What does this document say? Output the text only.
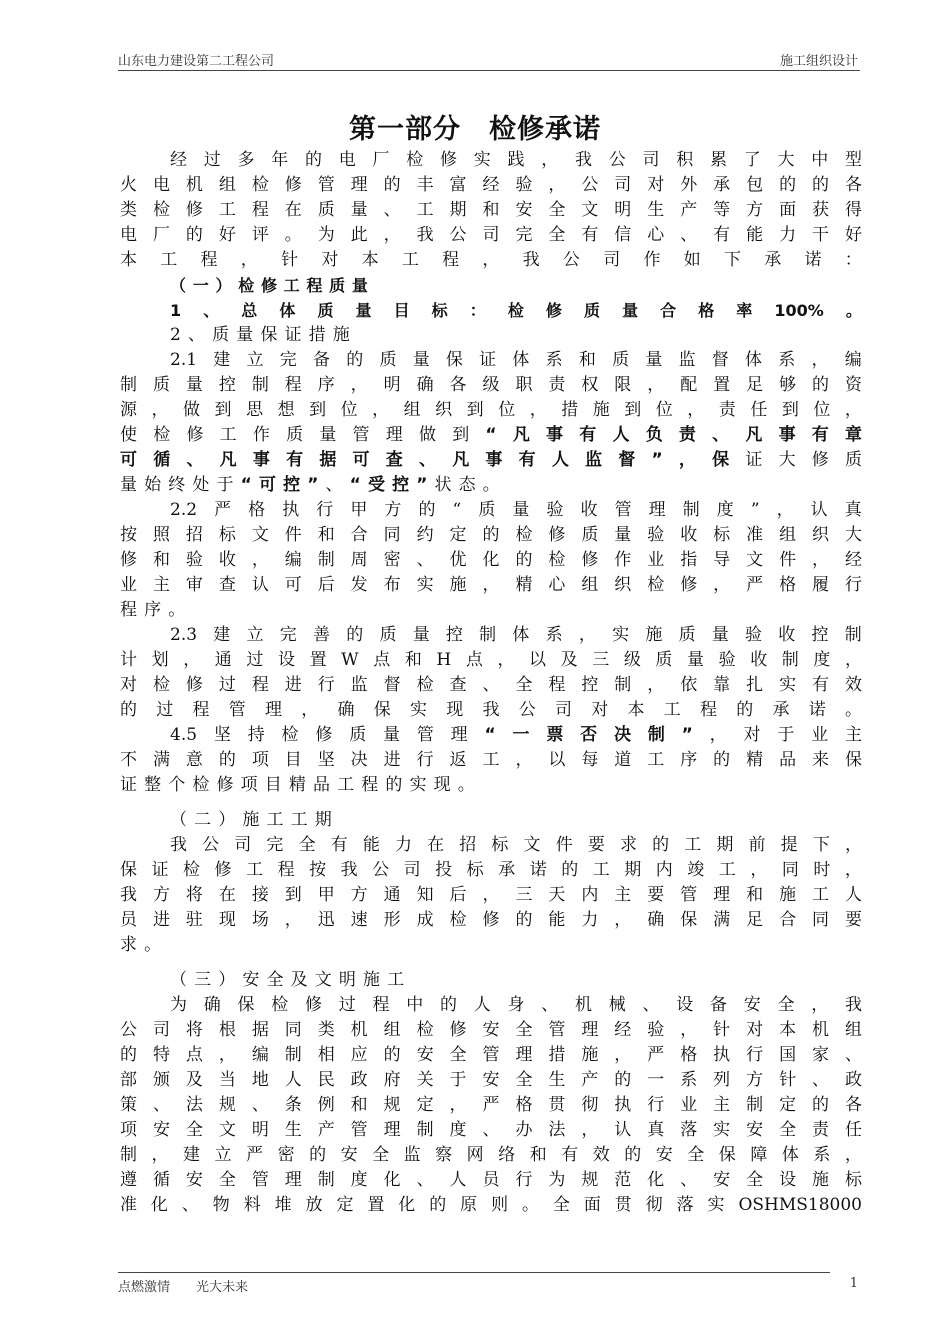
山东电力建设第二工程公司	施工组织设计
第一部分　检修承诺
经 过 多 年 的 电 厂 检 修 实 践 ， 我 公 司 积 累 了 大 中 型
火 电 机 组 检 修 管 理 的 丰 富 经 验 ， 公 司 对 外 承 包 的 的 各
类 检 修 工 程 在 质 量 、 工 期 和 安 全 文 明 生 产 等 方 面 获 得
电 厂 的 好 评 。 为 此 ， 我 公 司 完 全 有 信 心 、 有 能 力 干 好
本 工 程 ， 针 对 本 工 程 ， 我 公 司 作 如 下 承 诺 ：
（ 一 ） 检 修 工 程 质 量
1 、 总 体 质 量 目 标 ： 检 修 质 量 合 格 率 100% 。
2 、 质 量 保 证 措 施
2.1 建 立 完 备 的 质 量 保 证 体 系 和 质 量 监 督 体 系 ， 编
制 质 量 控 制 程 序 ， 明 确 各 级 职 责 权 限 ， 配 置 足 够 的 资
源 ， 做 到 思 想 到 位 ， 组 织 到 位 ， 措 施 到 位 ， 责 任 到 位 ，
使 检 修 工 作 质 量 管 理 做 到 “ 凡 事 有 人 负 责 、 凡 事 有 章
可 循 、 凡 事 有 据 可 查 、 凡 事 有 人 监 督 ” ， 保 证 大 修 质
量 始 终 处 于 “ 可 控 ” 、 “ 受 控 ” 状 态 。
2.2 严 格 执 行 甲 方 的 “ 质 量 验 收 管 理 制 度 ” ， 认 真
按 照 招 标 文 件 和 合 同 约 定 的 检 修 质 量 验 收 标 准 组 织 大
修 和 验 收 ， 编 制 周 密 、 优 化 的 检 修 作 业 指 导 文 件 ， 经
业 主 审 查 认 可 后 发 布 实 施 ， 精 心 组 织 检 修 ， 严 格 履 行
程 序 。
2.3 建 立 完 善 的 质 量 控 制 体 系 ， 实 施 质 量 验 收 控 制
计 划 ， 通 过 设 置 W 点 和 H 点 ， 以 及 三 级 质 量 验 收 制 度 ，
对 检 修 过 程 进 行 监 督 检 查 、 全 程 控 制 ， 依 靠 扎 实 有 效
的 过 程 管 理 ， 确 保 实 现 我 公 司 对 本 工 程 的 承 诺 。
4.5 坚 持 检 修 质 量 管 理 “ 一 票 否 决 制 ” ， 对 于 业 主
不 满 意 的 项 目 坚 决 进 行 返 工 ， 以 每 道 工 序 的 精 品 来 保
证 整 个 检 修 项 目 精 品 工 程 的 实 现 。
（ 二 ） 施 工 工 期
我 公 司 完 全 有 能 力 在 招 标 文 件 要 求 的 工 期 前 提 下 ，
保 证 检 修 工 程 按 我 公 司 投 标 承 诺 的 工 期 内 竣 工 ， 同 时 ，
我 方 将 在 接 到 甲 方 通 知 后 ， 三 天 内 主 要 管 理 和 施 工 人
员 进 驻 现 场 ， 迅 速 形 成 检 修 的 能 力 ， 确 保 满 足 合 同 要
求 。
（ 三 ） 安 全 及 文 明 施 工
为 确 保 检 修 过 程 中 的 人 身 、 机 械 、 设 备 安 全 ， 我
公 司 将 根 据 同 类 机 组 检 修 安 全 管 理 经 验 ， 针 对 本 机 组
的 特 点 ， 编 制 相 应 的 安 全 管 理 措 施 ， 严 格 执 行 国 家 、
部 颁 及 当 地 人 民 政 府 关 于 安 全 生 产 的 一 系 列 方 针 、 政
策 、 法 规 、 条 例 和 规 定 ， 严 格 贯 彻 执 行 业 主 制 定 的 各
项 安 全 文 明 生 产 管 理 制 度 、 办 法 ， 认 真 落 实 安 全 责 任
制 ， 建 立 严 密 的 安 全 监 察 网 络 和 有 效 的 安 全 保 障 体 系 ，
遵 循 安 全 管 理 制 度 化 、 人 员 行 为 规 范 化 、 安 全 设 施 标
准 化 、 物 料 堆 放 定 置 化 的 原 则 。 全 面 贯 彻 落 实 OSHMS18000
点燃激情　　光大未来	1
